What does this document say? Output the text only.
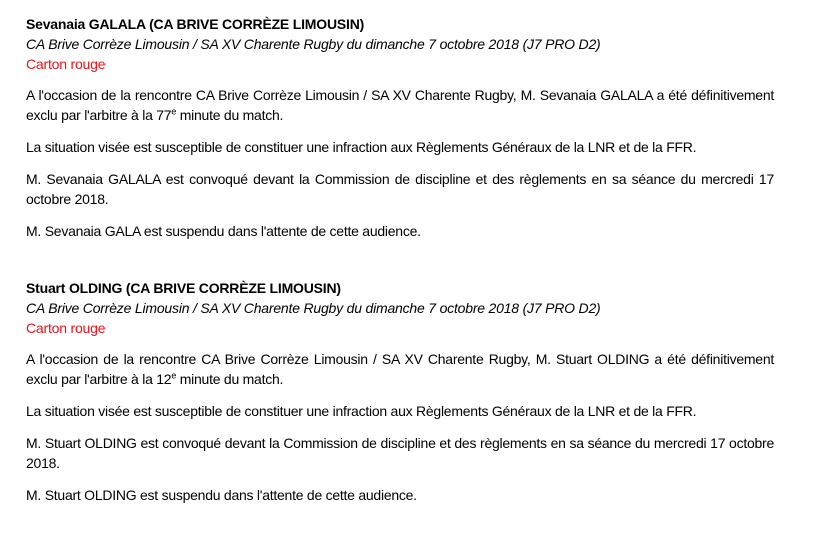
Sevanaia GALALA (CA BRIVE CORRÈZE LIMOUSIN)
CA Brive Corrèze Limousin / SA XV Charente Rugby du dimanche 7 octobre 2018 (J7 PRO D2)
Carton rouge

A l'occasion de la rencontre CA Brive Corrèze Limousin / SA XV Charente Rugby, M. Sevanaia GALALA a été définitivement exclu par l'arbitre à la 77e minute du match.

La situation visée est susceptible de constituer une infraction aux Règlements Généraux de la LNR et de la FFR.

M. Sevanaia GALALA est convoqué devant la Commission de discipline et des règlements en sa séance du mercredi 17 octobre 2018.

M. Sevanaia GALA est suspendu dans l'attente de cette audience.

Stuart OLDING (CA BRIVE CORRÈZE LIMOUSIN)
CA Brive Corrèze Limousin / SA XV Charente Rugby du dimanche 7 octobre 2018 (J7 PRO D2)
Carton rouge

A l'occasion de la rencontre CA Brive Corrèze Limousin / SA XV Charente Rugby, M. Stuart OLDING a été définitivement exclu par l'arbitre à la 12e minute du match.

La situation visée est susceptible de constituer une infraction aux Règlements Généraux de la LNR et de la FFR.

M. Stuart OLDING est convoqué devant la Commission de discipline et des règlements en sa séance du mercredi 17 octobre 2018.

M. Stuart OLDING est suspendu dans l'attente de cette audience.
